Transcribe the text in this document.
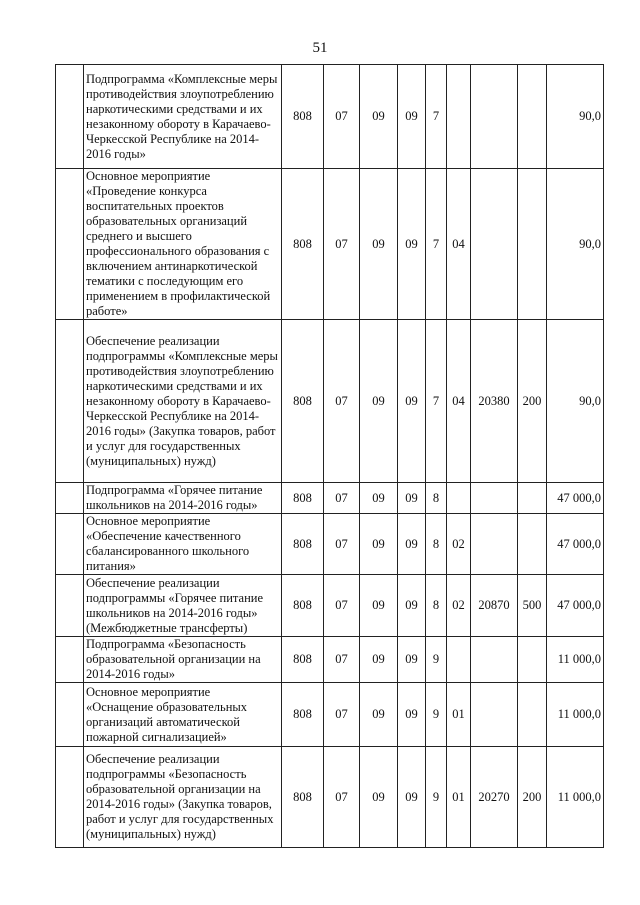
51
	Подпрограмма «Комплексные меры противодействия злоупотреблению наркотическими средствами и их незаконному обороту в Карачаево-Черкесской Республике на 2014-2016 годы»	808	07	09	09	7				90,0
	Основное мероприятие «Проведение конкурса воспитательных проектов образовательных организаций среднего и высшего профессионального образования с включением антинаркотической тематики с последующим его применением в профилактической работе»	808	07	09	09	7	04			90,0
	Обеспечение реализации подпрограммы «Комплексные меры противодействия злоупотреблению наркотическими средствами и их незаконному обороту в Карачаево-Черкесской Республике на 2014-2016 годы» (Закупка товаров, работ и услуг для государственных (муниципальных) нужд)	808	07	09	09	7	04	20380	200	90,0
	Подпрограмма «Горячее питание школьников на 2014-2016 годы»	808	07	09	09	8				47 000,0
	Основное мероприятие «Обеспечение качественного сбалансированного школьного питания»	808	07	09	09	8	02			47 000,0
	Обеспечение реализации подпрограммы «Горячее питание школьников на 2014-2016 годы» (Межбюджетные трансферты)	808	07	09	09	8	02	20870	500	47 000,0
	Подпрограмма «Безопасность образовательной организации на 2014-2016 годы»	808	07	09	09	9				11 000,0
	Основное мероприятие «Оснащение образовательных организаций автоматической пожарной сигнализацией»	808	07	09	09	9	01			11 000,0
	Обеспечение реализации подпрограммы «Безопасность образовательной организации на 2014-2016 годы» (Закупка товаров, работ и услуг для государственных (муниципальных) нужд)	808	07	09	09	9	01	20270	200	11 000,0
